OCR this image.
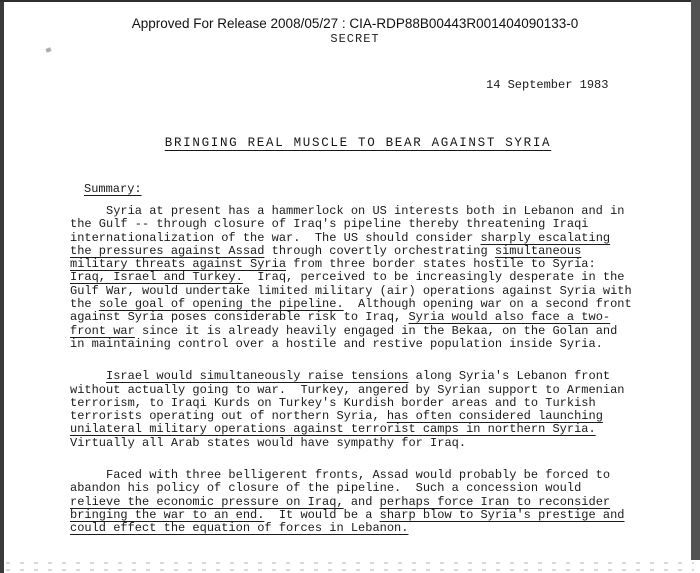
Approved For Release 2008/05/27 : CIA-RDP88B00443R001404090133-0
SECRET
14 September 1983
BRINGING REAL MUSCLE TO BEAR AGAINST SYRIA
Summary:
Syria at present has a hammerlock on US interests both in Lebanon and in
the Gulf -- through closure of Iraq's pipeline thereby threatening Iraqi
internationalization of the war.  The US should consider sharply escalating
the pressures against Assad through covertly orchestrating simultaneous
military threats against Syria from three border states hostile to Syria:
Iraq, Israel and Turkey.  Iraq, perceived to be increasingly desperate in the
Gulf War, would undertake limited military (air) operations against Syria with
the sole goal of opening the pipeline.  Although opening war on a second front
against Syria poses considerable risk to Iraq, Syria would also face a two-
front war since it is already heavily engaged in the Bekaa, on the Golan and
in maintaining control over a hostile and restive population inside Syria.
Israel would simultaneously raise tensions along Syria's Lebanon front
without actually going to war.  Turkey, angered by Syrian support to Armenian
terrorism, to Iraqi Kurds on Turkey's Kurdish border areas and to Turkish
terrorists operating out of northern Syria, has often considered launching
unilateral military operations against terrorist camps in northern Syria.
Virtually all Arab states would have sympathy for Iraq.
Faced with three belligerent fronts, Assad would probably be forced to
abandon his policy of closure of the pipeline.  Such a concession would
relieve the economic pressure on Iraq, and perhaps force Iran to reconsider
bringing the war to an end.  It would be a sharp blow to Syria's prestige and
could effect the equation of forces in Lebanon.
